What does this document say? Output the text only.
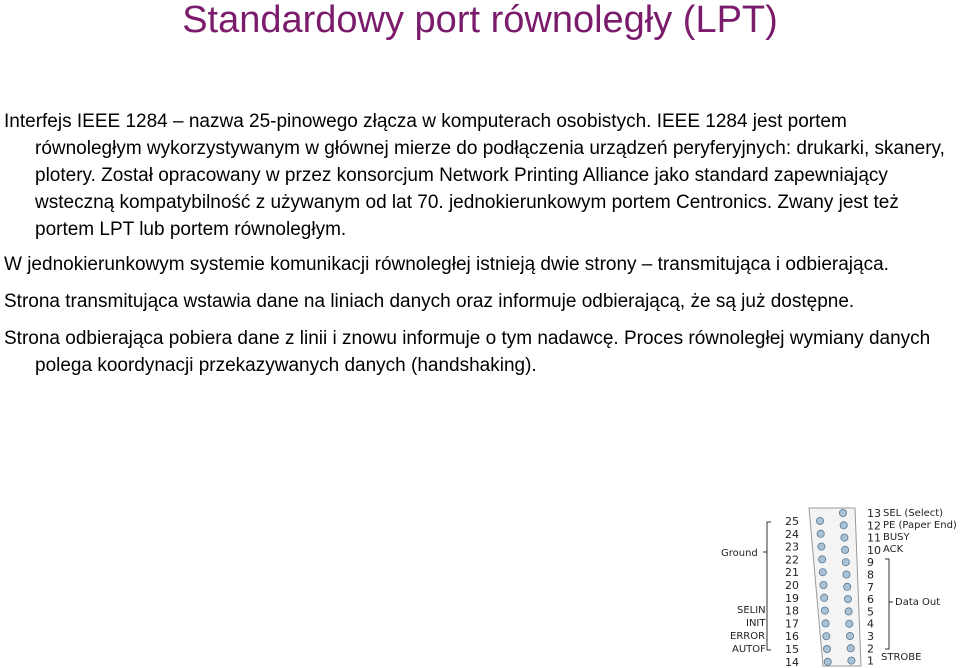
Standardowy port równoległy (LPT)

Interfejs IEEE 1284 – nazwa 25-pinowego złącza w komputerach osobistych. IEEE 1284 jest portem równoległym wykorzystywanym w głównej mierze do podłączenia urządzeń peryferyjnych: drukarki, skanery, plotery. Został opracowany w przez konsorcjum Network Printing Alliance jako standard zapewniający wsteczną kompatybilność z używanym od lat 70. jednokierunkowym portem Centronics. Zwany jest też portem LPT lub portem równoległym.

W jednokierunkowym systemie komunikacji równoległej istnieją dwie strony – transmitująca i odbierająca.

Strona transmitująca wstawia dane na liniach danych oraz informuje odbierającą, że są już dostępne.

Strona odbierająca pobiera dane z linii i znowu informuje o tym nadawcę. Proces równoległej wymiany danych polega koordynacji przekazywanych danych (handshaking).

25
24
23
22
21
20
19
18
17
16
15
14
13
12
11
10
9
8
7
6
5
4
3
2
1
Ground
SELIN
INIT
ERROR
AUTOF
SEL (Select)
PE (Paper End)
BUSY
ACK
Data Out
STROBE
